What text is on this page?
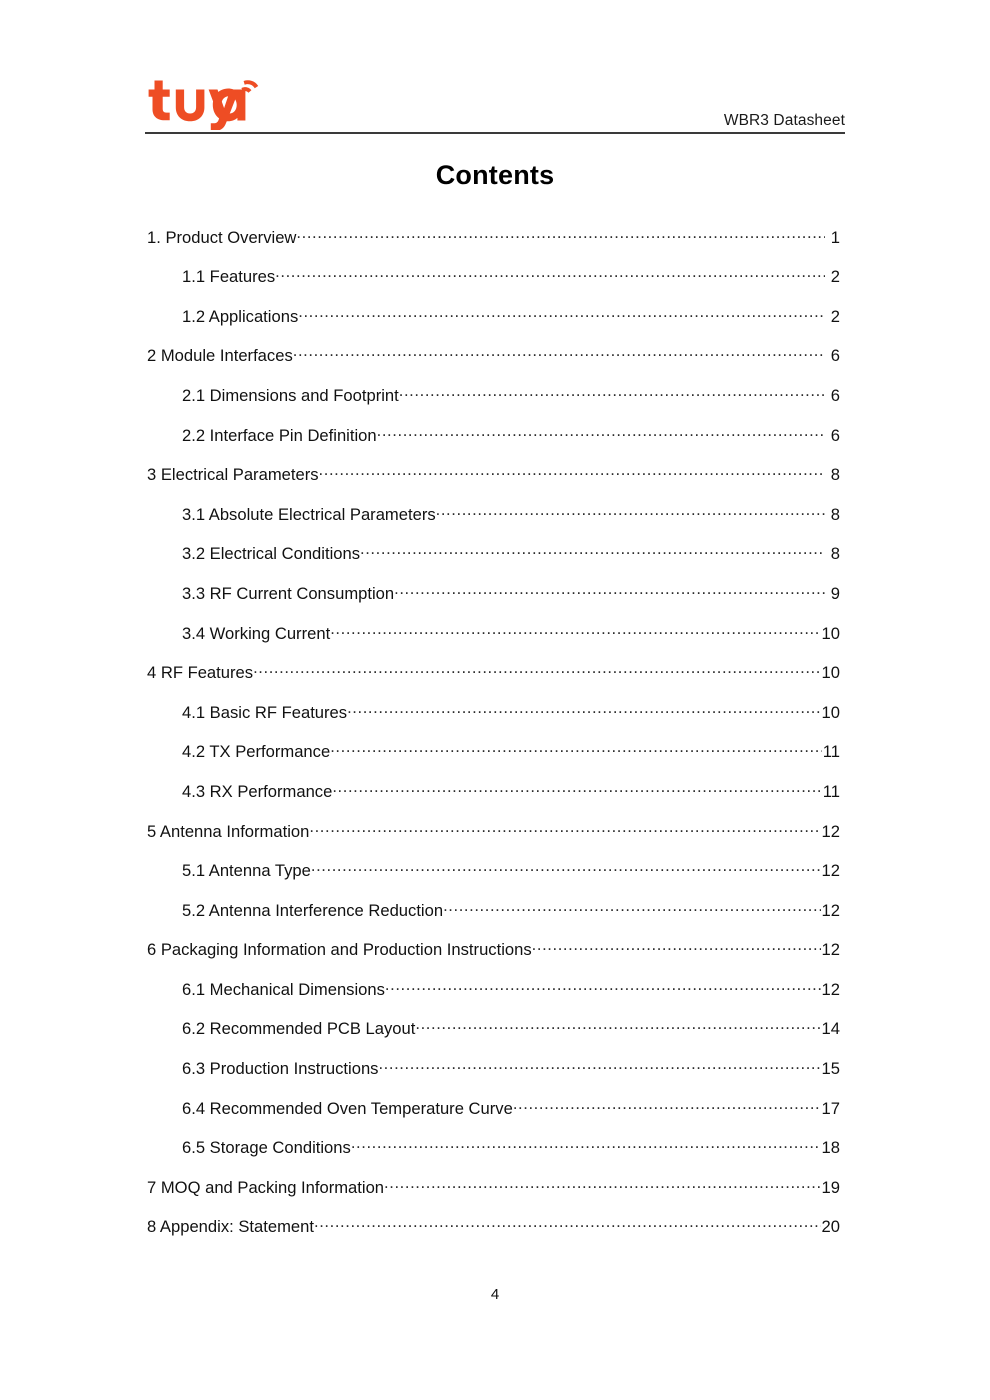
WBR3 Datasheet
Contents
1. Product Overview .....	1
1.1 Features .....	2
1.2 Applications .....	2
2 Module Interfaces .....	6
2.1 Dimensions and Footprint .....	6
2.2 Interface Pin Definition .....	6
3 Electrical Parameters .....	8
3.1 Absolute Electrical Parameters .....	8
3.2 Electrical Conditions .....	8
3.3 RF Current Consumption .....	9
3.4 Working Current .....	10
4 RF Features .....	10
4.1 Basic RF Features .....	10
4.2 TX Performance .....	11
4.3 RX Performance .....	11
5 Antenna Information .....	12
5.1 Antenna Type .....	12
5.2 Antenna Interference Reduction .....	12
6 Packaging Information and Production Instructions .....	12
6.1 Mechanical Dimensions .....	12
6.2 Recommended PCB Layout .....	14
6.3 Production Instructions .....	15
6.4 Recommended Oven Temperature Curve .....	17
6.5 Storage Conditions .....	18
7 MOQ and Packing Information .....	19
8 Appendix: Statement .....	20
4
